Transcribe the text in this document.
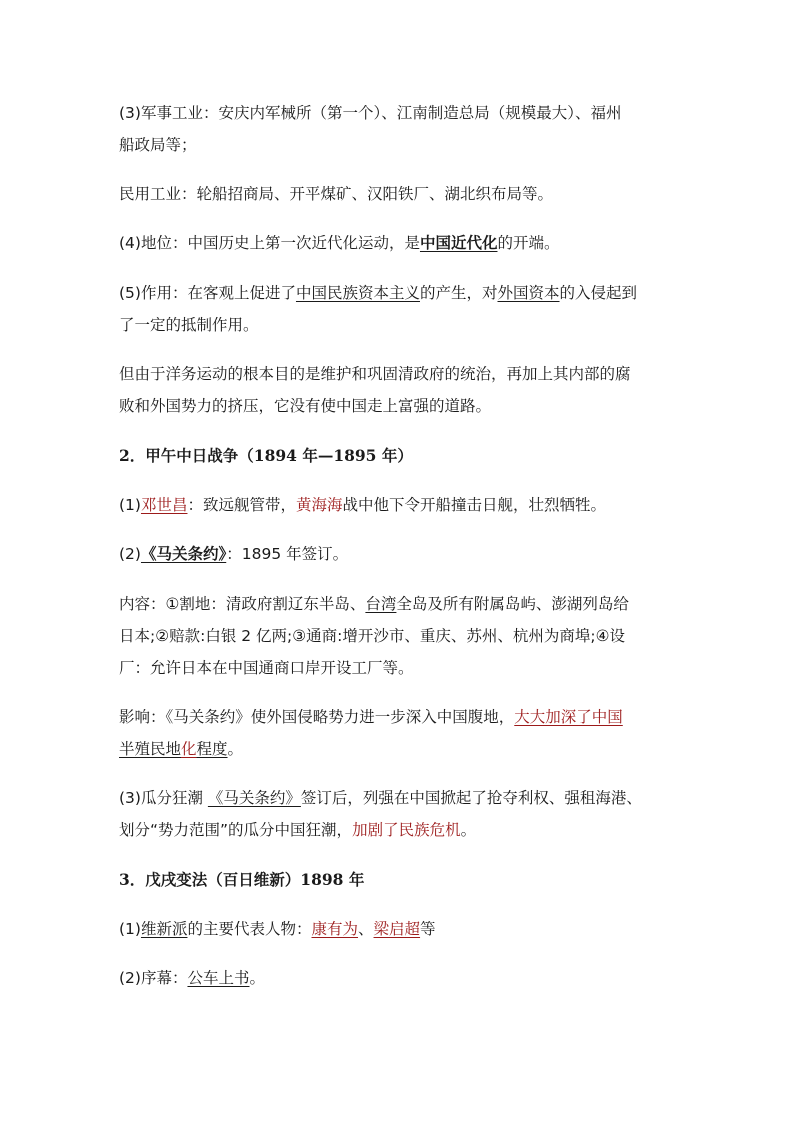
(3)军事工业：安庆内军械所（第一个）、江南制造总局（规模最大）、福州
船政局等；
民用工业：轮船招商局、开平煤矿、汉阳铁厂、湖北织布局等。
(4)地位：中国历史上第一次近代化运动，是中国近代化的开端。
(5)作用：在客观上促进了中国民族资本主义的产生，对外国资本的入侵起到
了一定的抵制作用。
但由于洋务运动的根本目的是维护和巩固清政府的统治，再加上其内部的腐
败和外国势力的挤压，它没有使中国走上富强的道路。
2．甲午中日战争（1894 年—1895 年）
(1)邓世昌：致远舰管带，黄海海战中他下令开船撞击日舰，壮烈牺牲。
(2)《马关条约》：1895 年签订。
内容：①割地：清政府割辽东半岛、台湾全岛及所有附属岛屿、澎湖列岛给
日本;②赔款:白银 2 亿两;③通商:增开沙市、重庆、苏州、杭州为商埠;④设
厂：允许日本在中国通商口岸开设工厂等。
影响：《马关条约》使外国侵略势力进一步深入中国腹地，大大加深了中国
半殖民地化程度。
(3)瓜分狂潮 《马关条约》签订后，列强在中国掀起了抢夺利权、强租海港、
划分“势力范围”的瓜分中国狂潮，加剧了民族危机。
3．戊戌变法（百日维新）1898 年
(1)维新派的主要代表人物：康有为、梁启超等
(2)序幕：公车上书。
